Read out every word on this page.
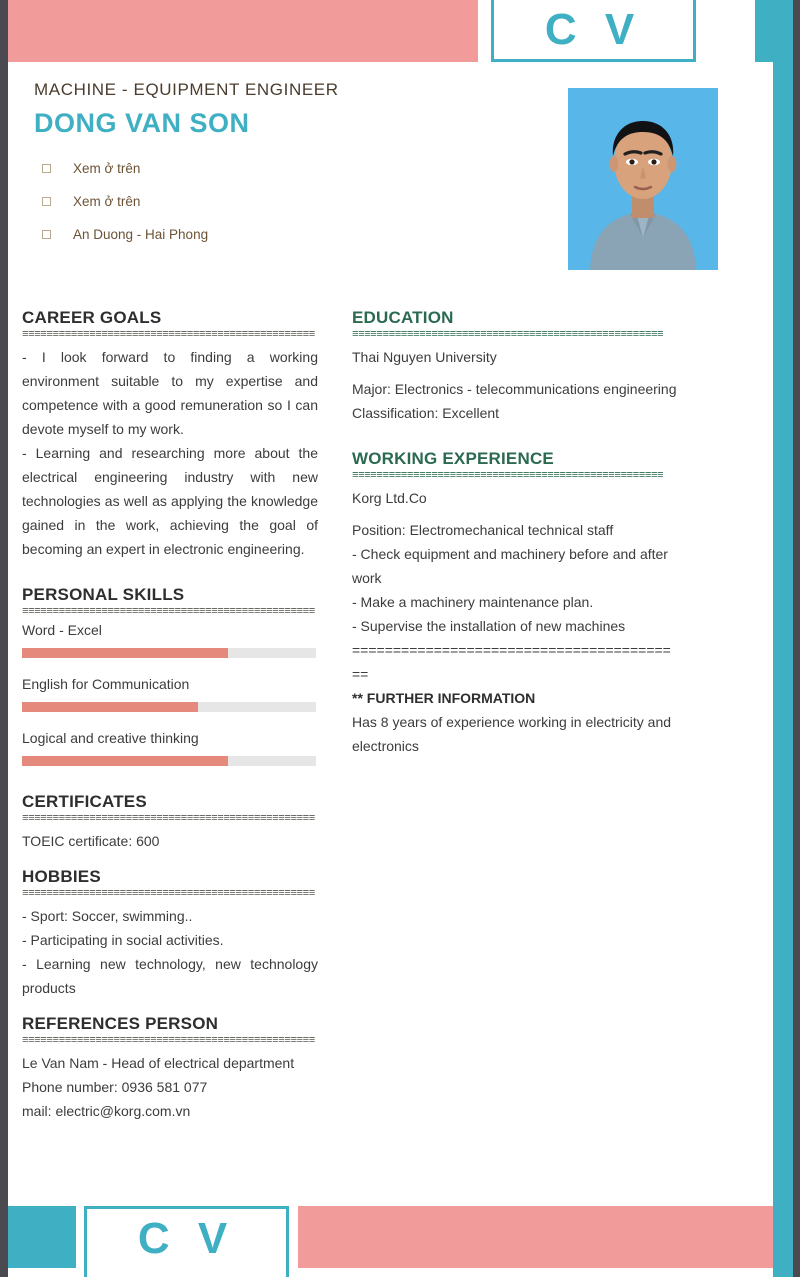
C V
MACHINE - EQUIPMENT ENGINEER
DONG VAN SON
Xem ở trên
Xem ở trên
An Duong - Hai Phong
CAREER GOALS
≡≡≡≡≡≡≡≡≡≡≡≡≡≡≡≡≡≡≡≡≡≡≡≡≡≡≡≡≡≡≡≡≡≡≡≡≡≡≡≡≡≡≡≡≡≡≡≡

- I look forward to finding a working environment suitable to my expertise and competence with a good remuneration so I can devote myself to my work.

- Learning and researching more about the electrical engineering industry with new technologies as well as applying the knowledge gained in the work, achieving the goal of becoming an expert in electronic engineering.

PERSONAL SKILLS
≡≡≡≡≡≡≡≡≡≡≡≡≡≡≡≡≡≡≡≡≡≡≡≡≡≡≡≡≡≡≡≡≡≡≡≡≡≡≡≡≡≡≡≡≡≡≡≡
Word - Excel
English for Communication
Logical and creative thinking
CERTIFICATES
≡≡≡≡≡≡≡≡≡≡≡≡≡≡≡≡≡≡≡≡≡≡≡≡≡≡≡≡≡≡≡≡≡≡≡≡≡≡≡≡≡≡≡≡≡≡≡≡

TOEIC certificate: 600

HOBBIES
≡≡≡≡≡≡≡≡≡≡≡≡≡≡≡≡≡≡≡≡≡≡≡≡≡≡≡≡≡≡≡≡≡≡≡≡≡≡≡≡≡≡≡≡≡≡≡≡

- Sport: Soccer, swimming..

- Participating in social activities.

- Learning new technology, new technology products

REFERENCES PERSON
≡≡≡≡≡≡≡≡≡≡≡≡≡≡≡≡≡≡≡≡≡≡≡≡≡≡≡≡≡≡≡≡≡≡≡≡≡≡≡≡≡≡≡≡≡≡≡≡

Le Van Nam - Head of electrical department

Phone number: 0936 581 077

mail: electric@korg.com.vn

EDUCATION
≡≡≡≡≡≡≡≡≡≡≡≡≡≡≡≡≡≡≡≡≡≡≡≡≡≡≡≡≡≡≡≡≡≡≡≡≡≡≡≡≡≡≡≡≡≡≡≡≡≡≡

Thai Nguyen University

Major: Electronics - telecommunications engineering

Classification: Excellent

WORKING EXPERIENCE
≡≡≡≡≡≡≡≡≡≡≡≡≡≡≡≡≡≡≡≡≡≡≡≡≡≡≡≡≡≡≡≡≡≡≡≡≡≡≡≡≡≡≡≡≡≡≡≡≡≡≡

Korg Ltd.Co

Position: Electromechanical technical staff

- Check equipment and machinery before and after work

- Make a machinery maintenance plan.

- Supervise the installation of new machines

=========================================

** FURTHER INFORMATION

Has 8 years of experience working in electricity and electronics

C V
